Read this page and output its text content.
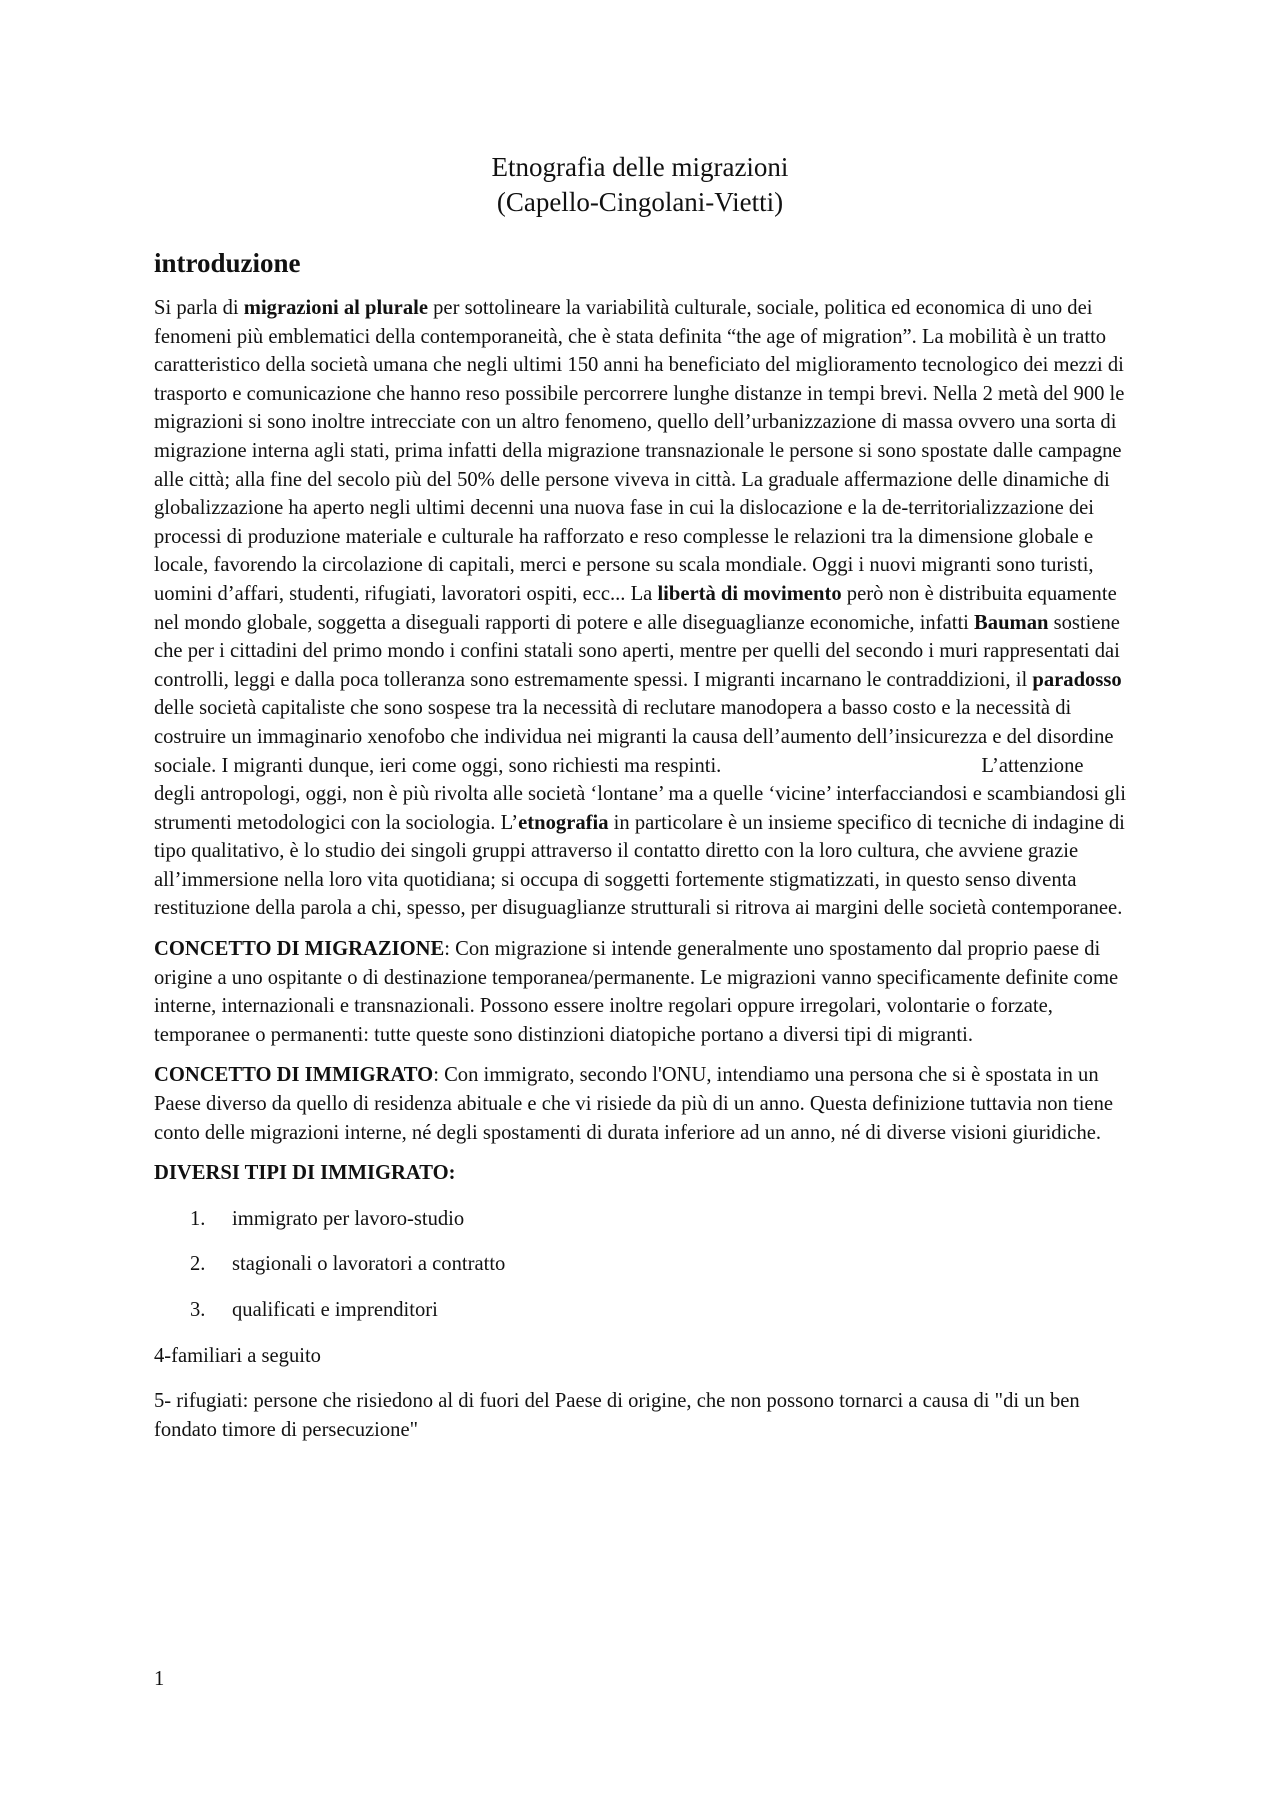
Etnografia delle migrazioni
(Capello-Cingolani-Vietti)
introduzione

Si parla di migrazioni al plurale per sottolineare la variabilità culturale, sociale, politica ed economica di uno dei fenomeni più emblematici della contemporaneità, che è stata definita “the age of migration”. La mobilità è un tratto caratteristico della società umana che negli ultimi 150 anni ha beneficiato del miglioramento tecnologico dei mezzi di trasporto e comunicazione che hanno reso possibile percorrere lunghe distanze in tempi brevi. Nella 2 metà del 900 le migrazioni si sono inoltre intrecciate con un altro fenomeno, quello dell’urbanizzazione di massa ovvero una sorta di migrazione interna agli stati, prima infatti della migrazione transnazionale le persone si sono spostate dalle campagne alle città; alla fine del secolo più del 50% delle persone viveva in città. La graduale affermazione delle dinamiche di globalizzazione ha aperto negli ultimi decenni una nuova fase in cui la dislocazione e la de-territorializzazione dei processi di produzione materiale e culturale ha rafforzato e reso complesse le relazioni tra la dimensione globale e locale, favorendo la circolazione di capitali, merci e persone su scala mondiale. Oggi i nuovi migranti sono turisti, uomini d’affari, studenti, rifugiati, lavoratori ospiti, ecc... La libertà di movimento però non è distribuita equamente nel mondo globale, soggetta a diseguali rapporti di potere e alle diseguaglianze economiche, infatti Bauman sostiene che per i cittadini del primo mondo i confini statali sono aperti, mentre per quelli del secondo i muri rappresentati dai controlli, leggi e dalla poca tolleranza sono estremamente spessi. I migranti incarnano le contraddizioni, il paradosso delle società capitaliste che sono sospese tra la necessità di reclutare manodopera a basso costo e la necessità di costruire un immaginario xenofobo che individua nei migranti la causa dell’aumento dell’insicurezza e del disordine sociale. I migranti dunque, ieri come oggi, sono richiesti ma respinti.	L’attenzione degli antropologi, oggi, non è più rivolta alle società ‘lontane’ ma a quelle ‘vicine’ interfacciandosi e scambiandosi gli strumenti metodologici con la sociologia. L’etnografia in particolare è un insieme specifico di tecniche di indagine di tipo qualitativo, è lo studio dei singoli gruppi attraverso il contatto diretto con la loro cultura, che avviene grazie all’immersione nella loro vita quotidiana; si occupa di soggetti fortemente stigmatizzati, in questo senso diventa restituzione della parola a chi, spesso, per disuguaglianze strutturali si ritrova ai margini delle società contemporanee.

CONCETTO DI MIGRAZIONE: Con migrazione si intende generalmente uno spostamento dal proprio paese di origine a uno ospitante o di destinazione temporanea/permanente. Le migrazioni vanno specificamente definite come interne, internazionali e transnazionali. Possono essere inoltre regolari oppure irregolari, volontarie o forzate, temporanee o permanenti: tutte queste sono distinzioni diatopiche portano a diversi tipi di migranti.

CONCETTO DI IMMIGRATO: Con immigrato, secondo l'ONU, intendiamo una persona che si è spostata in un Paese diverso da quello di residenza abituale e che vi risiede da più di un anno. Questa definizione tuttavia non tiene conto delle migrazioni interne, né degli spostamenti di durata inferiore ad un anno, né di diverse visioni giuridiche.

DIVERSI TIPI DI IMMIGRATO:

1. immigrato per lavoro-studio
2. stagionali o lavoratori a contratto
3. qualificati e imprenditori

4-familiari a seguito

5- rifugiati: persone che risiedono al di fuori del Paese di origine, che non possono tornarci a causa di "di un ben fondato timore di persecuzione"

1
